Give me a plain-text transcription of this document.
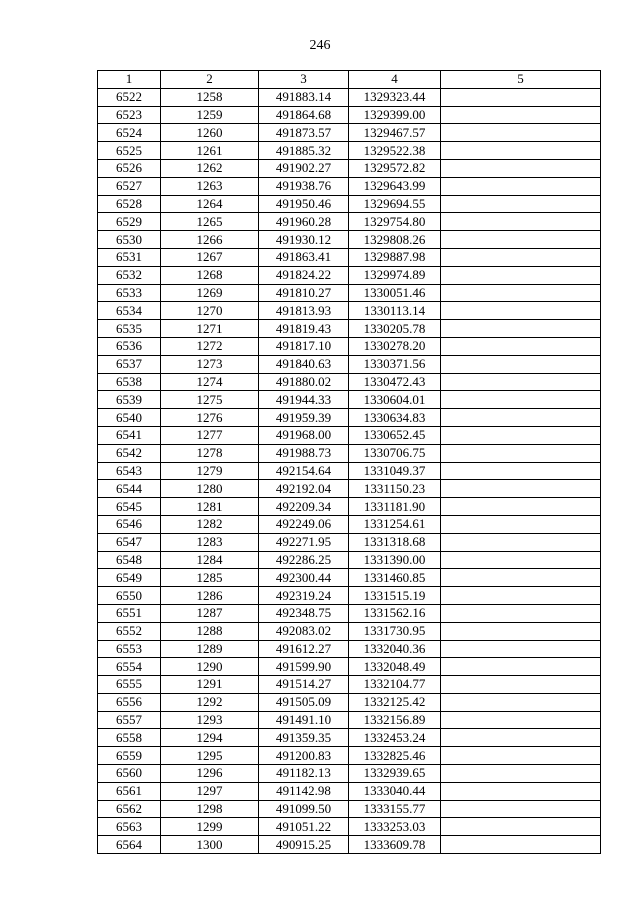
246
1	2	3	4	5
6522	1258	491883.14	1329323.44	
6523	1259	491864.68	1329399.00	
6524	1260	491873.57	1329467.57	
6525	1261	491885.32	1329522.38	
6526	1262	491902.27	1329572.82	
6527	1263	491938.76	1329643.99	
6528	1264	491950.46	1329694.55	
6529	1265	491960.28	1329754.80	
6530	1266	491930.12	1329808.26	
6531	1267	491863.41	1329887.98	
6532	1268	491824.22	1329974.89	
6533	1269	491810.27	1330051.46	
6534	1270	491813.93	1330113.14	
6535	1271	491819.43	1330205.78	
6536	1272	491817.10	1330278.20	
6537	1273	491840.63	1330371.56	
6538	1274	491880.02	1330472.43	
6539	1275	491944.33	1330604.01	
6540	1276	491959.39	1330634.83	
6541	1277	491968.00	1330652.45	
6542	1278	491988.73	1330706.75	
6543	1279	492154.64	1331049.37	
6544	1280	492192.04	1331150.23	
6545	1281	492209.34	1331181.90	
6546	1282	492249.06	1331254.61	
6547	1283	492271.95	1331318.68	
6548	1284	492286.25	1331390.00	
6549	1285	492300.44	1331460.85	
6550	1286	492319.24	1331515.19	
6551	1287	492348.75	1331562.16	
6552	1288	492083.02	1331730.95	
6553	1289	491612.27	1332040.36	
6554	1290	491599.90	1332048.49	
6555	1291	491514.27	1332104.77	
6556	1292	491505.09	1332125.42	
6557	1293	491491.10	1332156.89	
6558	1294	491359.35	1332453.24	
6559	1295	491200.83	1332825.46	
6560	1296	491182.13	1332939.65	
6561	1297	491142.98	1333040.44	
6562	1298	491099.50	1333155.77	
6563	1299	491051.22	1333253.03	
6564	1300	490915.25	1333609.78	
